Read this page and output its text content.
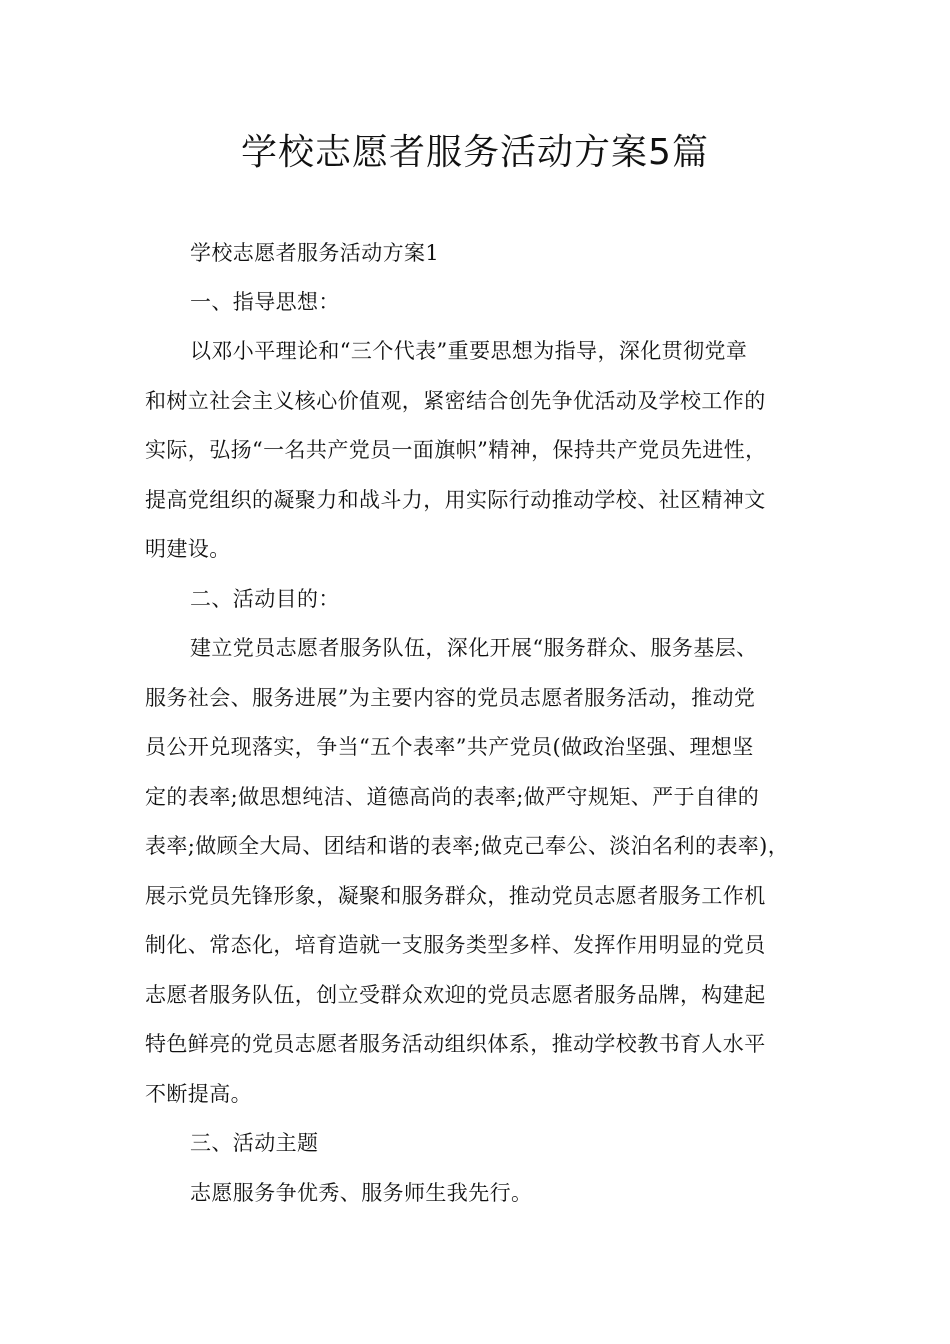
学校志愿者服务活动方案5篇
学校志愿者服务活动方案1
一、指导思想：
以邓小平理论和“三个代表”重要思想为指导，深化贯彻党章
和树立社会主义核心价值观，紧密结合创先争优活动及学校工作的
实际，弘扬“一名共产党员一面旗帜”精神，保持共产党员先进性，
提高党组织的凝聚力和战斗力，用实际行动推动学校、社区精神文
明建设。
二、活动目的：
建立党员志愿者服务队伍，深化开展“服务群众、服务基层、
服务社会、服务进展”为主要内容的党员志愿者服务活动，推动党
员公开兑现落实，争当“五个表率”共产党员(做政治坚强、理想坚
定的表率;做思想纯洁、道德高尚的表率;做严守规矩、严于自律的
表率;做顾全大局、团结和谐的表率;做克己奉公、淡泊名利的表率)，
展示党员先锋形象，凝聚和服务群众，推动党员志愿者服务工作机
制化、常态化，培育造就一支服务类型多样、发挥作用明显的党员
志愿者服务队伍，创立受群众欢迎的党员志愿者服务品牌，构建起
特色鲜亮的党员志愿者服务活动组织体系，推动学校教书育人水平
不断提高。
三、活动主题
志愿服务争优秀、服务师生我先行。
